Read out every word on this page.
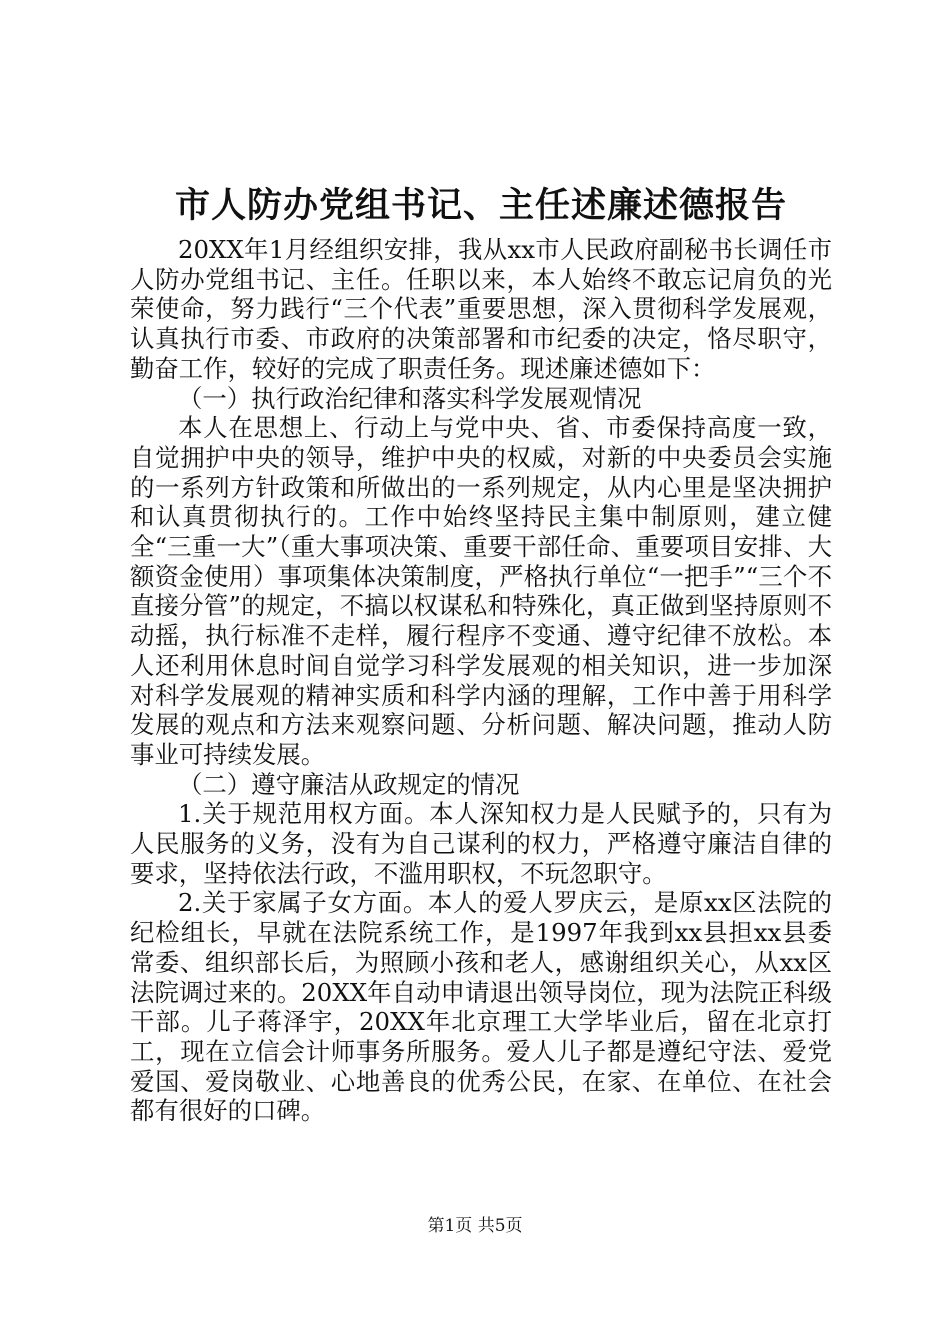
市人防办党组书记、主任述廉述德报告

20XX年1月经组织安排，我从xx市人民政府副秘书长调任市人防办党组书记、主任。任职以来，本人始终不敢忘记肩负的光荣使命，努力践行“三个代表”重要思想，深入贯彻科学发展观，认真执行市委、市政府的决策部署和市纪委的决定，恪尽职守，勤奋工作，较好的完成了职责任务。现述廉述德如下：

（一）执行政治纪律和落实科学发展观情况

本人在思想上、行动上与党中央、省、市委保持高度一致，自觉拥护中央的领导，维护中央的权威，对新的中央委员会实施的一系列方针政策和所做出的一系列规定，从内心里是坚决拥护和认真贯彻执行的。工作中始终坚持民主集中制原则，建立健全“三重一大”（重大事项决策、重要干部任命、重要项目安排、大额资金使用）事项集体决策制度，严格执行单位“一把手”“三个不直接分管”的规定，不搞以权谋私和特殊化，真正做到坚持原则不动摇，执行标准不走样，履行程序不变通、遵守纪律不放松。本人还利用休息时间自觉学习科学发展观的相关知识，进一步加深对科学发展观的精神实质和科学内涵的理解，工作中善于用科学发展的观点和方法来观察问题、分析问题、解决问题，推动人防事业可持续发展。

（二）遵守廉洁从政规定的情况

1.关于规范用权方面。本人深知权力是人民赋予的，只有为人民服务的义务，没有为自己谋利的权力，严格遵守廉洁自律的要求，坚持依法行政，不滥用职权，不玩忽职守。

2.关于家属子女方面。本人的爱人罗庆云，是原xx区法院的纪检组长，早就在法院系统工作，是1997年我到xx县担xx县委常委、组织部长后，为照顾小孩和老人，感谢组织关心，从xx区法院调过来的。20XX年自动申请退出领导岗位，现为法院正科级干部。儿子蒋泽宇，20XX年北京理工大学毕业后，留在北京打工，现在立信会计师事务所服务。爱人儿子都是遵纪守法、爱党爱国、爱岗敬业、心地善良的优秀公民，在家、在单位、在社会都有很好的口碑。

第1页 共5页
